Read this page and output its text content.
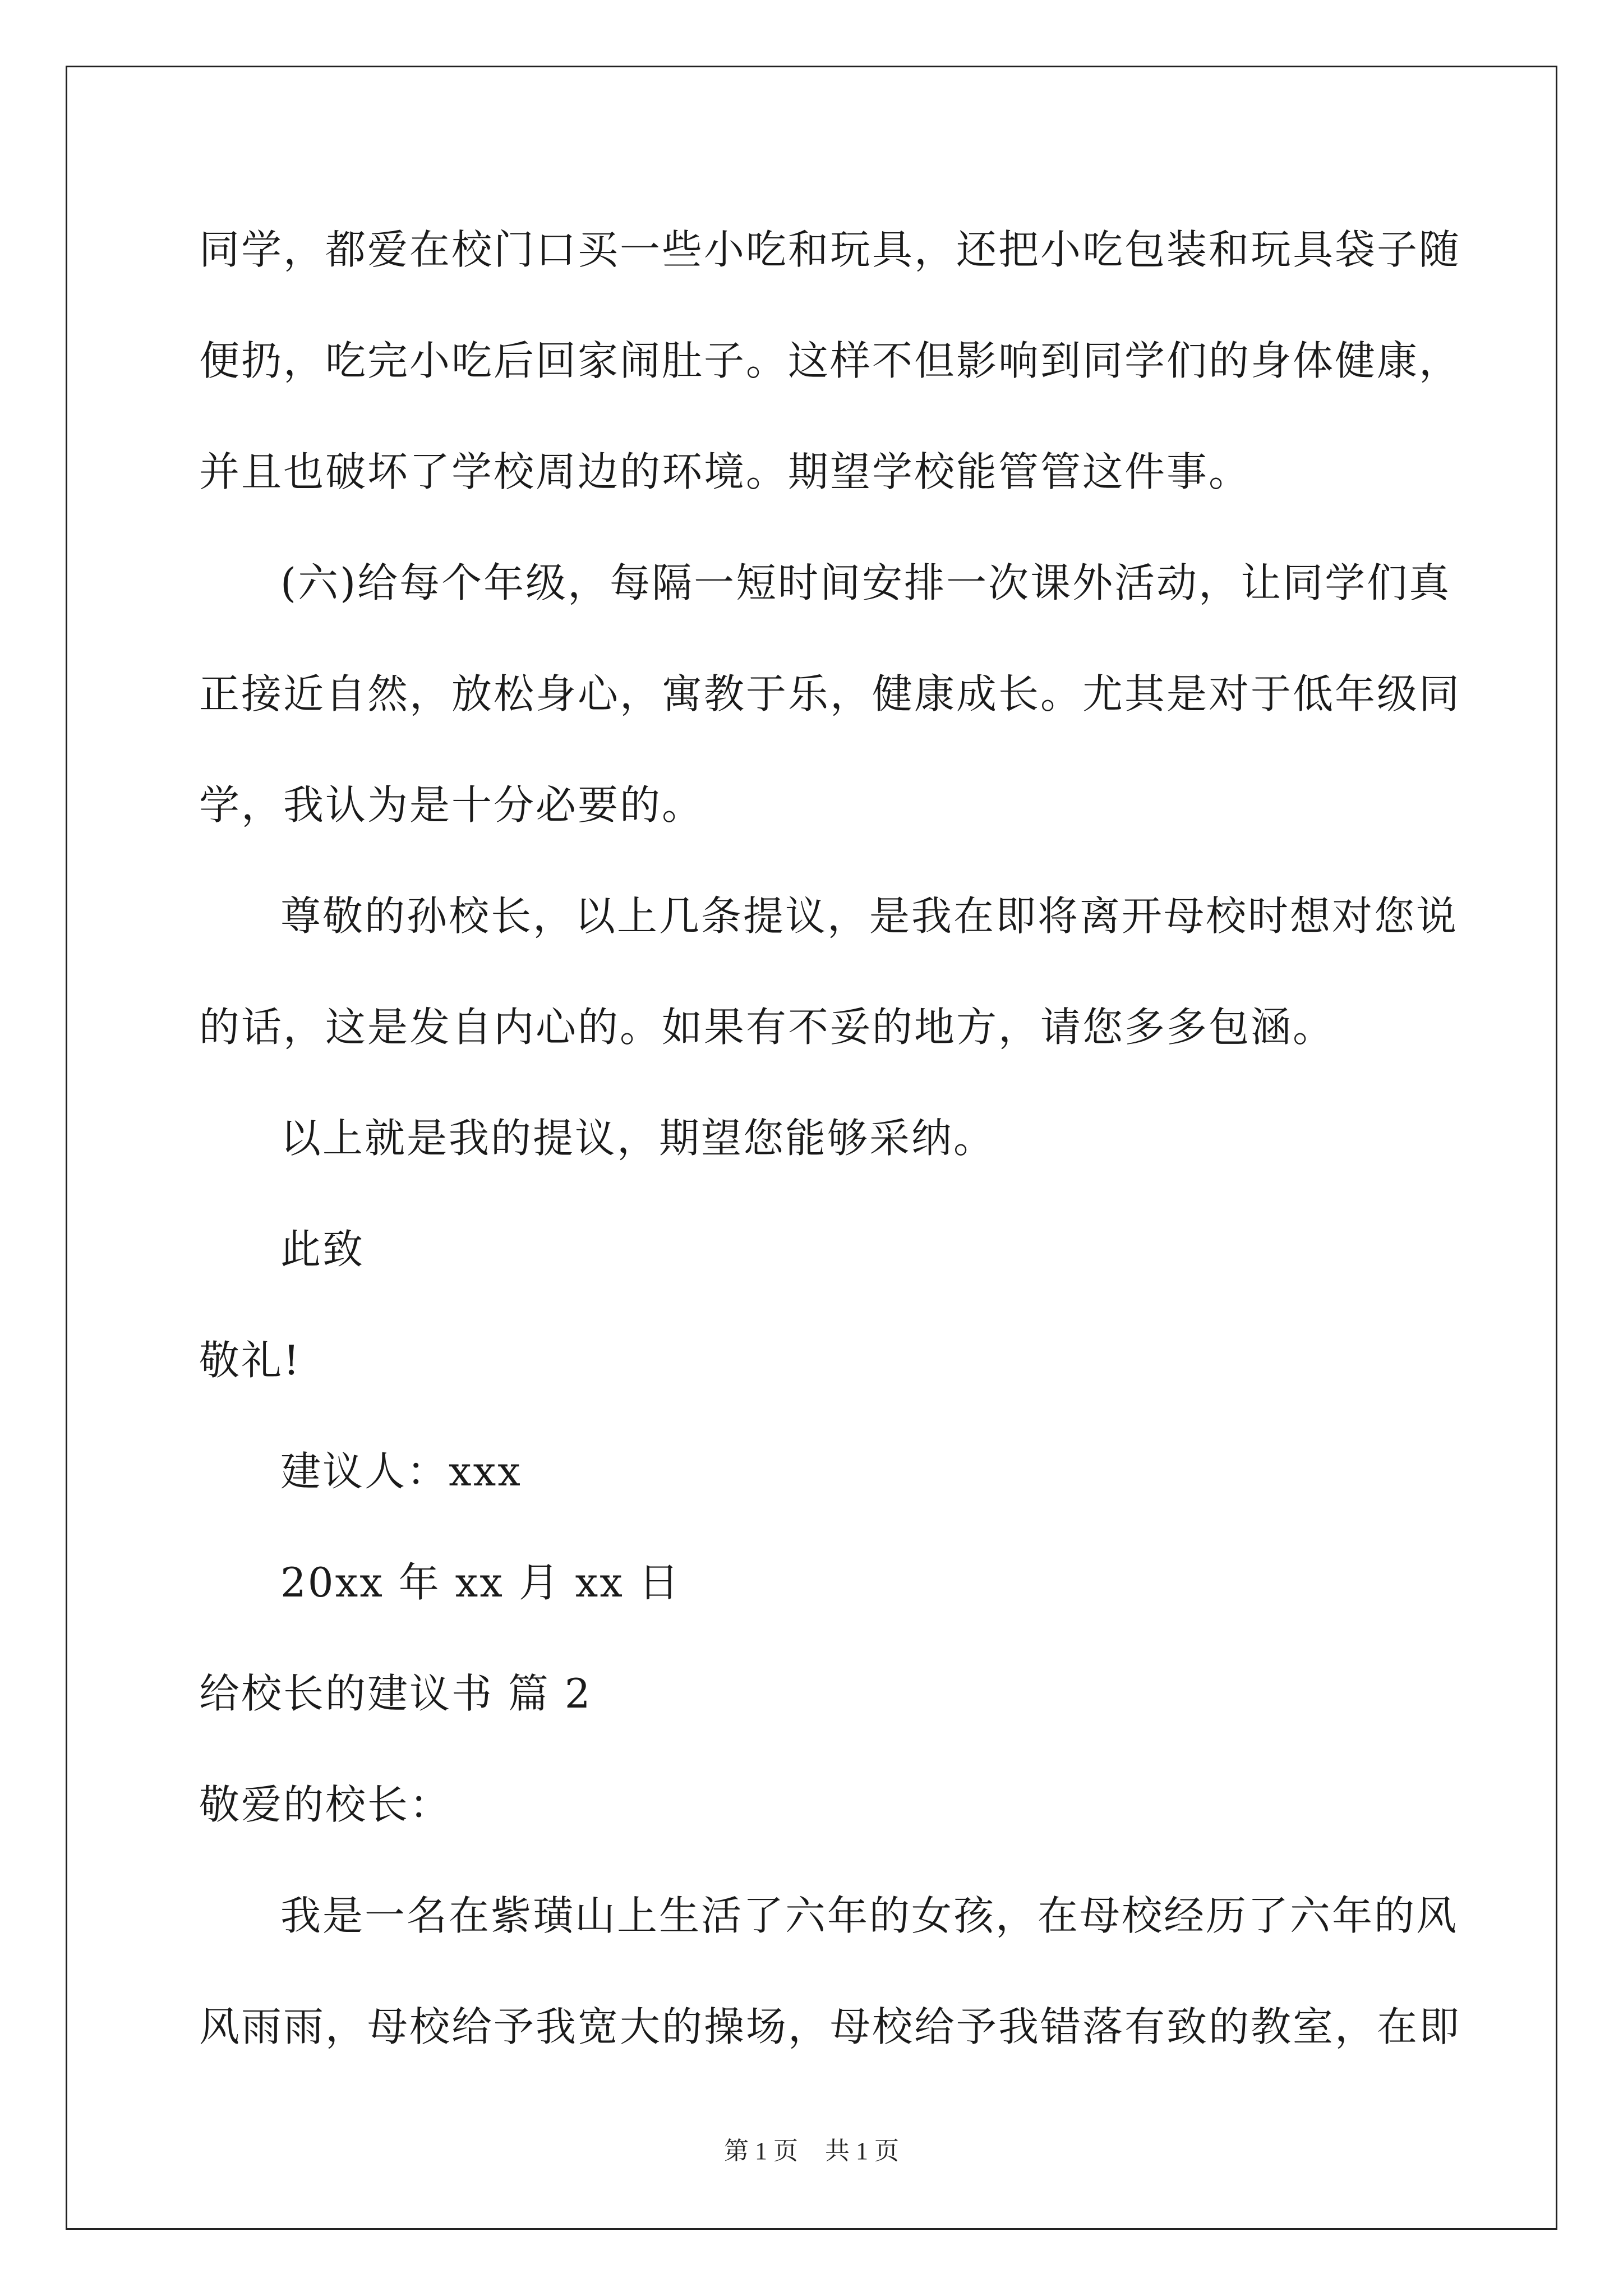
同学，都爱在校门口买一些小吃和玩具，还把小吃包装和玩具袋子随
便扔，吃完小吃后回家闹肚子。这样不但影响到同学们的身体健康，
并且也破坏了学校周边的环境。期望学校能管管这件事。
(六)给每个年级，每隔一短时间安排一次课外活动，让同学们真
正接近自然，放松身心，寓教于乐，健康成长。尤其是对于低年级同
学，我认为是十分必要的。
尊敬的孙校长，以上几条提议，是我在即将离开母校时想对您说
的话，这是发自内心的。如果有不妥的地方，请您多多包涵。
以上就是我的提议，期望您能够采纳。
此致
敬礼!
建议人：xxx
20xx 年 xx 月 xx 日
给校长的建议书 篇 2
敬爱的校长：
我是一名在紫璜山上生活了六年的女孩，在母校经历了六年的风
风雨雨，母校给予我宽大的操场，母校给予我错落有致的教室，在即
第 1 页 共 1 页
